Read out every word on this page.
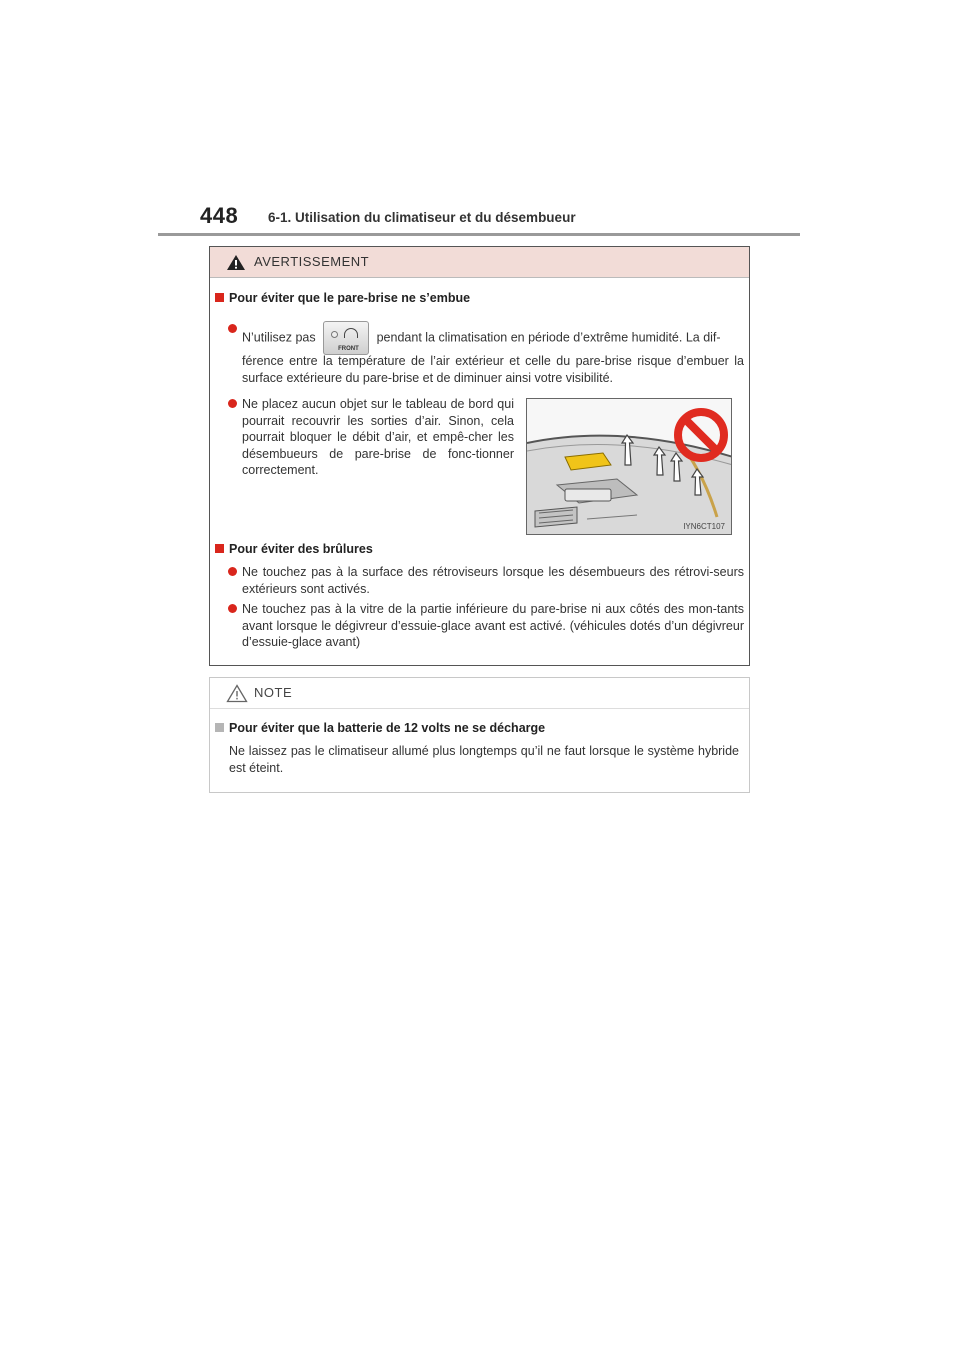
448 6-1. Utilisation du climatiseur et du désembueur
AVERTISSEMENT
Pour éviter que le pare-brise ne s’embue
N’utilisez pas
FRONT
pendant la climatisation en période d’extrême humidité. La dif-
férence entre la température de l’air extérieur et celle du pare-brise risque d’embuer la surface extérieure du pare-brise et de diminuer ainsi votre visibilité.
Ne placez aucun objet sur le tableau de bord qui pourrait recouvrir les sorties d’air. Sinon, cela pourrait bloquer le débit d’air, et empê-cher les désembueurs de pare-brise de fonc-tionner correctement.
IYN6CT107
Pour éviter des brûlures
Ne touchez pas à la surface des rétroviseurs lorsque les désembueurs des rétrovi-seurs extérieurs sont activés.
Ne touchez pas à la vitre de la partie inférieure du pare-brise ni aux côtés des mon-tants avant lorsque le dégivreur d’essuie-glace avant est activé. (véhicules dotés d’un dégivreur d’essuie-glace avant)
NOTE
Pour éviter que la batterie de 12 volts ne se décharge
Ne laissez pas le climatiseur allumé plus longtemps qu’il ne faut lorsque le système hybride est éteint.
